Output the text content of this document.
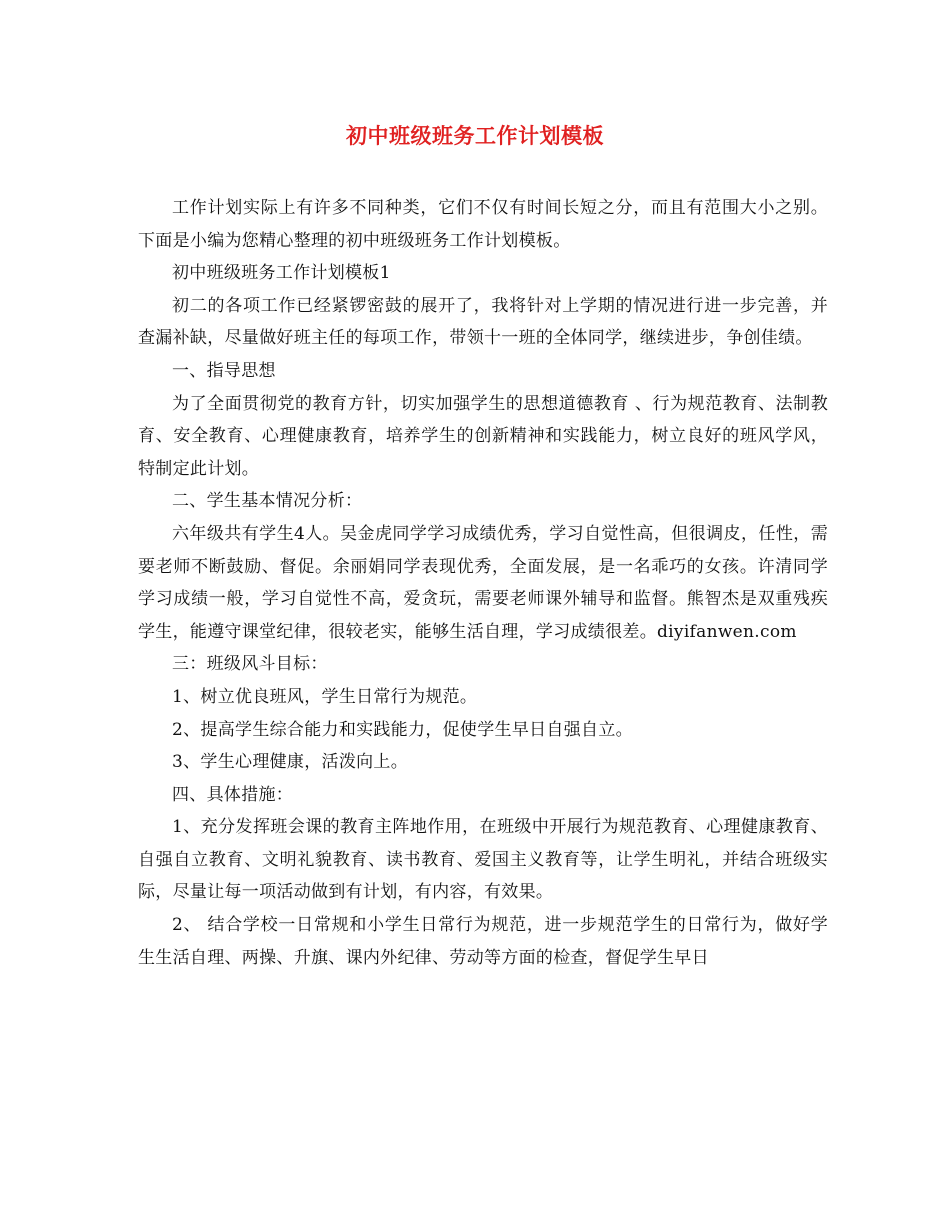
初中班级班务工作计划模板

工作计划实际上有许多不同种类，它们不仅有时间长短之分，而且有范围大小之别。下面是小编为您精心整理的初中班级班务工作计划模板。

初中班级班务工作计划模板1

初二的各项工作已经紧锣密鼓的展开了，我将针对上学期的情况进行进一步完善，并查漏补缺，尽量做好班主任的每项工作，带领十一班的全体同学，继续进步，争创佳绩。

一、指导思想

为了全面贯彻党的教育方针，切实加强学生的思想道德教育 、行为规范教育、法制教育、安全教育、心理健康教育，培养学生的创新精神和实践能力，树立良好的班风学风，特制定此计划。

二、学生基本情况分析：

六年级共有学生4人。吴金虎同学学习成绩优秀，学习自觉性高，但很调皮，任性，需要老师不断鼓励、督促。余丽娟同学表现优秀，全面发展，是一名乖巧的女孩。许清同学学习成绩一般，学习自觉性不高，爱贪玩，需要老师课外辅导和监督。熊智杰是双重残疾学生，能遵守课堂纪律，很较老实，能够生活自理，学习成绩很差。diyifanwen.com

三：班级风斗目标：

1、树立优良班风，学生日常行为规范。

2、提高学生综合能力和实践能力，促使学生早日自强自立。

3、学生心理健康，活泼向上。

四、具体措施：

1、充分发挥班会课的教育主阵地作用，在班级中开展行为规范教育、心理健康教育、自强自立教育、文明礼貌教育、读书教育、爱国主义教育等，让学生明礼，并结合班级实际，尽量让每一项活动做到有计划，有内容，有效果。

2、 结合学校一日常规和小学生日常行为规范，进一步规范学生的日常行为，做好学生生活自理、两操、升旗、课内外纪律、劳动等方面的检查，督促学生早日
